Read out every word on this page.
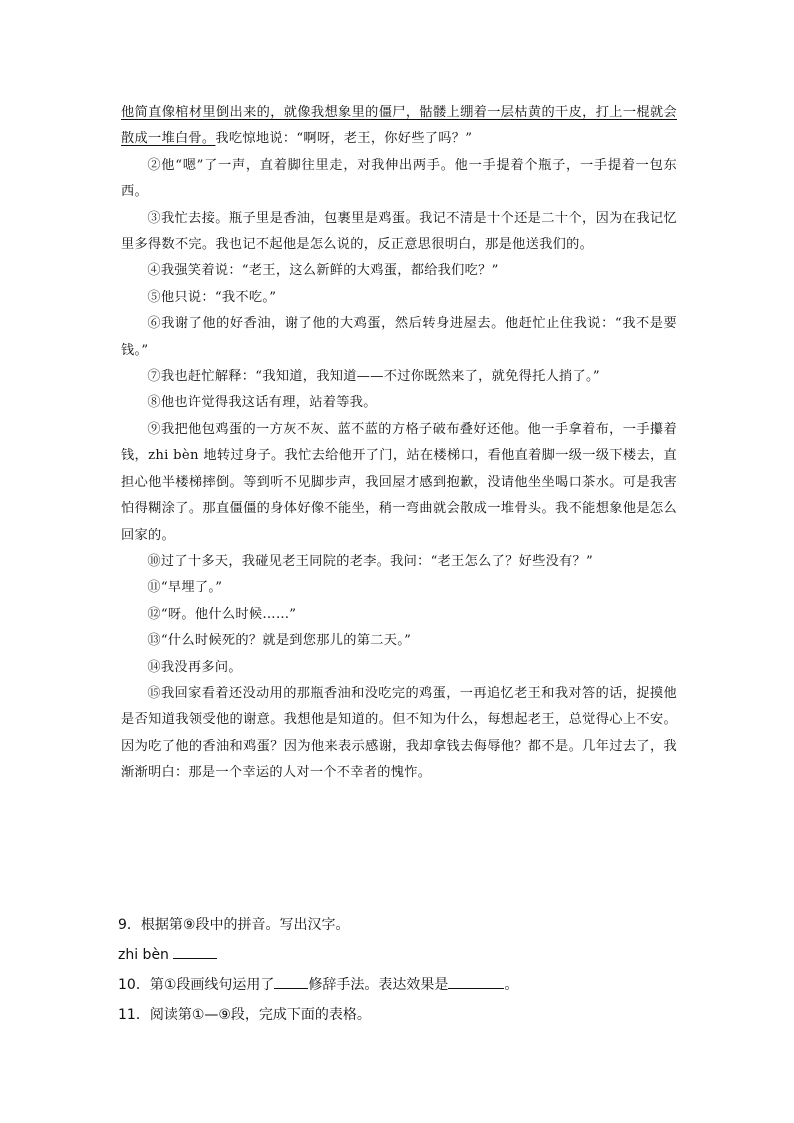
他简直像棺材里倒出来的，就像我想象里的僵尸，骷髅上绷着一层枯黄的干皮，打上一棍就会散成一堆白骨。我吃惊地说：“啊呀，老王，你好些了吗？”

②他“嗯”了一声，直着脚往里走，对我伸出两手。他一手提着个瓶子，一手提着一包东西。

③我忙去接。瓶子里是香油，包裹里是鸡蛋。我记不清是十个还是二十个，因为在我记忆里多得数不完。我也记不起他是怎么说的，反正意思很明白，那是他送我们的。

④我强笑着说：“老王，这么新鲜的大鸡蛋，都给我们吃？”

⑤他只说：“我不吃。”

⑥我谢了他的好香油，谢了他的大鸡蛋，然后转身进屋去。他赶忙止住我说：“我不是要钱。”

⑦我也赶忙解释：“我知道，我知道——不过你既然来了，就免得托人捎了。”

⑧他也许觉得我这话有理，站着等我。

⑨我把他包鸡蛋的一方灰不灰、蓝不蓝的方格子破布叠好还他。他一手拿着布，一手攥着钱，zhi bèn 地转过身子。我忙去给他开了门，站在楼梯口，看他直着脚一级一级下楼去，直担心他半楼梯摔倒。等到听不见脚步声，我回屋才感到抱歉，没请他坐坐喝口茶水。可是我害怕得糊涂了。那直僵僵的身体好像不能坐，稍一弯曲就会散成一堆骨头。我不能想象他是怎么回家的。

⑩过了十多天，我碰见老王同院的老李。我问：“老王怎么了？好些没有？”

⑪“早埋了。”

⑫“呀。他什么时候……”

⑬“什么时候死的？就是到您那儿的第二天。”

⑭我没再多问。

⑮我回家看着还没动用的那瓶香油和没吃完的鸡蛋，一再追忆老王和我对答的话，捉摸他是否知道我领受他的谢意。我想他是知道的。但不知为什么，每想起老王，总觉得心上不安。因为吃了他的香油和鸡蛋？因为他来表示感谢，我却拿钱去侮辱他？都不是。几年过去了，我渐渐明白：那是一个幸运的人对一个不幸者的愧怍。

9．根据第⑨段中的拼音。写出汉字。

zhi bèn

10．第①段画线句运用了 修辞手法。表达效果是	。

11．阅读第①—⑨段，完成下面的表格。
